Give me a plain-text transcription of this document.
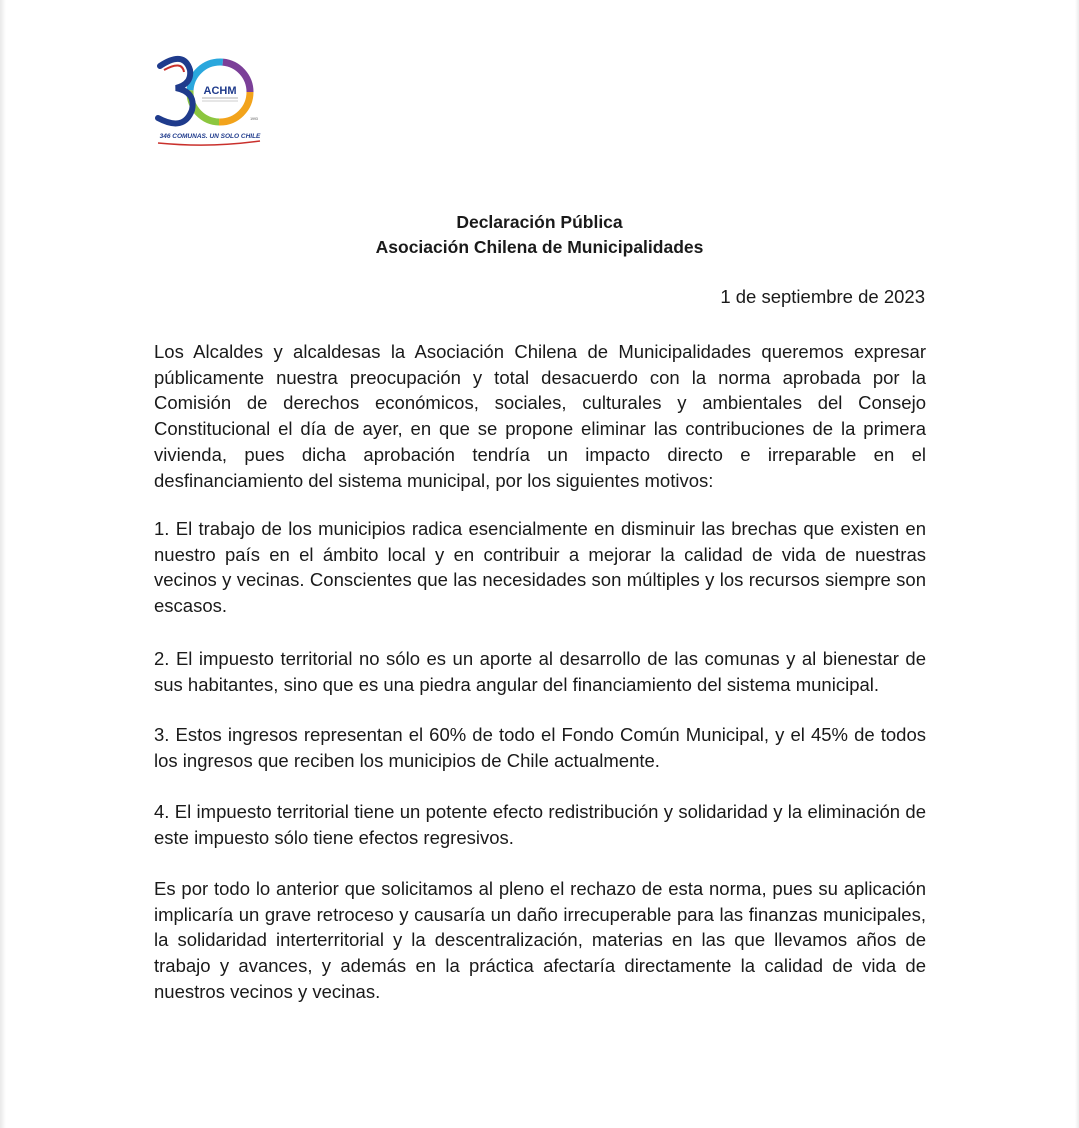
ACHM
1993
346 COMUNAS. UN SOLO CHILE
Declaración Pública
Asociación Chilena de Municipalidades
1 de septiembre de 2023

Los Alcaldes y alcaldesas la Asociación Chilena de Municipalidades queremos expresar públicamente nuestra preocupación y total desacuerdo con la norma aprobada por la Comisión de derechos económicos, sociales, culturales y ambientales del Consejo Constitucional el día de ayer, en que se propone eliminar las contribuciones de la primera vivienda, pues dicha aprobación tendría un impacto directo e irreparable en el desfinanciamiento del sistema municipal, por los siguientes motivos:

1. El trabajo de los municipios radica esencialmente en disminuir las brechas que existen en nuestro país en el ámbito local y en contribuir a mejorar la calidad de vida de nuestras vecinos y vecinas. Conscientes que las necesidades son múltiples y los recursos siempre son escasos.

2. El impuesto territorial no sólo es un aporte al desarrollo de las comunas y al bienestar de sus habitantes, sino que es una piedra angular del financiamiento del sistema municipal.

3. Estos ingresos representan el 60% de todo el Fondo Común Municipal, y el 45% de todos los ingresos que reciben los municipios de Chile actualmente.

4. El impuesto territorial tiene un potente efecto redistribución y solidaridad y la eliminación de este impuesto sólo tiene efectos regresivos.

Es por todo lo anterior que solicitamos al pleno el rechazo de esta norma, pues su aplicación implicaría un grave retroceso y causaría un daño irrecuperable para las finanzas municipales, la solidaridad interterritorial y la descentralización, materias en las que llevamos años de trabajo y avances, y además en la práctica afectaría directamente la calidad de vida de nuestros vecinos y vecinas.
